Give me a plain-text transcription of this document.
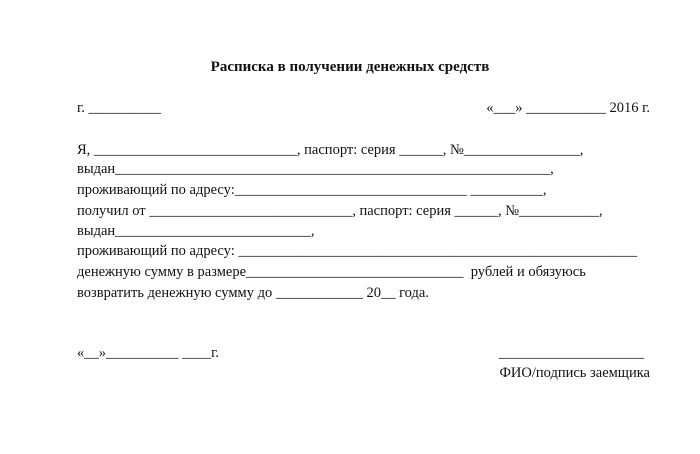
Расписка в получении денежных средств
г. __________	«___» ___________ 2016 г.
Я, ____________________________, паспорт: серия ______, №________________,
выдан____________________________________________________________,
проживающий по адресу:________________________________ __________,
получил от ____________________________, паспорт: серия ______, №___________,
выдан___________________________,
проживающий по адресу: _______________________________________________________
денежную сумму в размере______________________________  рублей и обязуюсь
возвратить денежную сумму до ____________ 20__ года.
«__»__________ ____г.	____________________
ФИО/подпись заемщика
